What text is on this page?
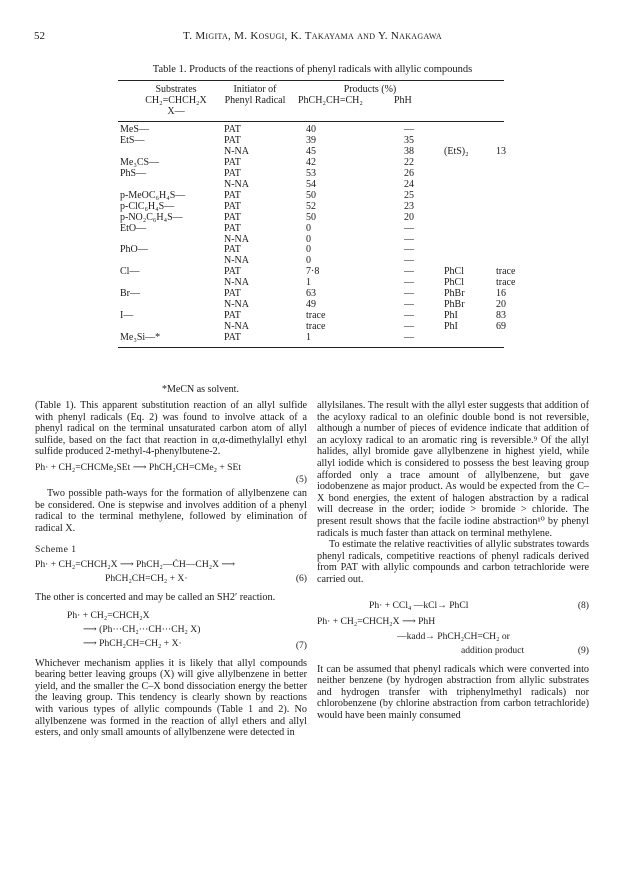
52	T. Migita, M. Kosugi, K. Takayama and Y. Nakagawa
Table 1. Products of the reactions of phenyl radicals with allylic compounds
Substrates
CH₂=CHCH₂X
X—
Initiator of
Phenyl Radical
Products (%)
PhCH₂CH=CH₂	PhH
MeS—	PAT	40	—		
EtS—	PAT	39	35		
	N-NA	45	38	(EtS)₂	13
Me₃CS—	PAT	42	22		
PhS—	PAT	53	26		
	N-NA	54	24		
p-MeOC₆H₄S—	PAT	50	25		
p-ClC₆H₄S—	PAT	52	23		
p-NO₂C₆H₄S—	PAT	50	20		
EtO—	PAT	0	—		
	N-NA	0	—		
PhO—	PAT	0	—		
	N-NA	0	—		
Cl—	PAT	7·8	—	PhCl	trace
	N-NA	1	—	PhCl	trace
Br—	PAT	63	—	PhBr	16
	N-NA	49	—	PhBr	20
I—	PAT	trace	—	PhI	83
	N-NA	trace	—	PhI	69
Me₃Si—*	PAT	1	—		
*MeCN as solvent.

(Table 1). This apparent substitution reaction of an allyl sulfide with phenyl radicals (Eq. 2) was found to involve attack of a phenyl radical on the terminal unsaturated carbon atom of allyl sulfide, based on the fact that reaction in α,α-dimethylallyl ethyl sulfide produced 2-methyl-4-phenylbutene-2.

Ph· + CH₂=CHCMe₂SEt ⟶ PhCH₂CH=CMe₂ + SEt
(5)

Two possible path-ways for the formation of allylbenzene can be considered. One is stepwise and involves addition of a phenyl radical to the terminal methylene, followed by elimination of radical X.

Scheme 1
Ph· + CH₂=CHCH₂X ⟶ PhCH₂—ĊH—CH₂X ⟶
PhCH₂CH=CH₂ + X·	(6)

The other is concerted and may be called an SH2′ reaction.

Ph· + CH₂=CHCH₂X
⟶ (Ph···CH₂···CH···CH₂ X)
⟶ PhCH₂CH=CH₂ + X·	(7)

Whichever mechanism applies it is likely that allyl compounds bearing better leaving groups (X) will give allylbenzene in better yield, and the smaller the C–X bond dissociation energy the better the leaving group. This tendency is clearly shown by reactions with various types of allylic compounds (Table 1 and 2). No allylbenzene was formed in the reaction of allyl ethers and allyl esters, and only small amounts of allylbenzene were detected in

allylsilanes. The result with the allyl ester suggests that addition of the acyloxy radical to an olefinic double bond is not reversible, although a number of pieces of evidence indicate that addition of an acyloxy radical to an aromatic ring is reversible.⁹ Of the allyl halides, allyl bromide gave allylbenzene in highest yield, while allyl iodide which is considered to possess the best leaving group afforded only a trace amount of allylbenzene, but gave iodobenzene as major product. As would be expected from the C–X bond energies, the extent of halogen abstraction by a radical will decrease in the order; iodide > bromide > chloride. The present result shows that the facile iodine abstraction¹⁰ by phenyl radicals is much faster than attack on terminal methylene.

To estimate the relative reactivities of allylic substrates towards phenyl radicals, competitive reactions of phenyl radicals derived from PAT with allylic compounds and carbon tetrachloride were carried out.

Ph· + CCl₄ —kCl→ PhCl	(8)
Ph· + CH₂=CHCH₂X ⟶ PhH
—kadd→ PhCH₂CH=CH₂ or
addition product	(9)

It can be assumed that phenyl radicals which were converted into neither benzene (by hydrogen abstraction from allylic substrates and hydrogen transfer with triphenylmethyl radicals) nor chlorobenzene (by chlorine abstraction from carbon tetrachloride) would have been mainly consumed
